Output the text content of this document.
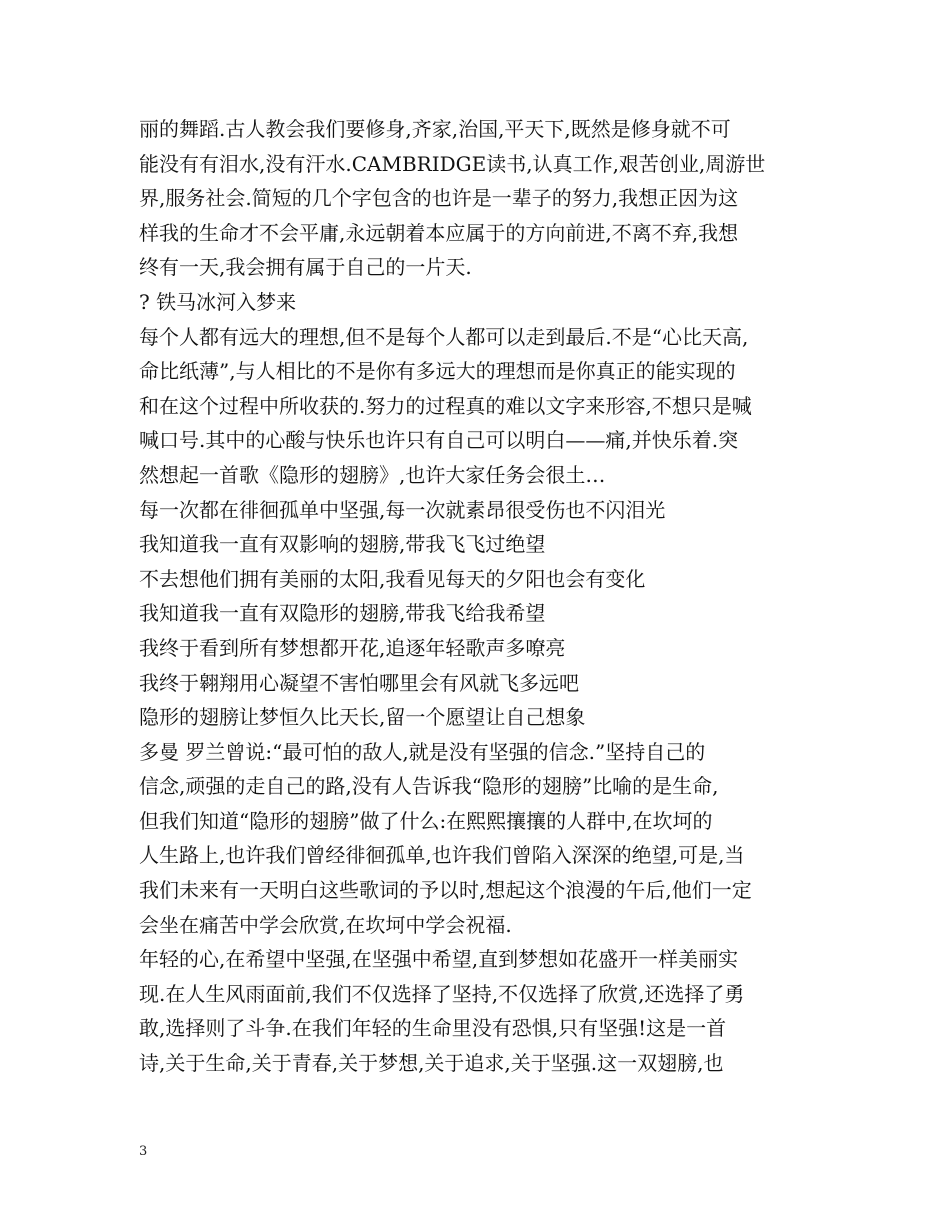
丽的舞蹈.古人教会我们要修身,齐家,治国,平天下,既然是修身就不可
能没有有泪水,没有汗水.CAMBRIDGE读书,认真工作,艰苦创业,周游世
界,服务社会.简短的几个字包含的也许是一辈子的努力,我想正因为这
样我的生命才不会平庸,永远朝着本应属于的方向前进,不离不弃,我想
终有一天,我会拥有属于自己的一片天.
? 铁马冰河入梦来
每个人都有远大的理想,但不是每个人都可以走到最后.不是“心比天高,
命比纸薄”,与人相比的不是你有多远大的理想而是你真正的能实现的
和在这个过程中所收获的.努力的过程真的难以文字来形容,不想只是喊
喊口号.其中的心酸与快乐也许只有自己可以明白——痛,并快乐着.突
然想起一首歌《隐形的翅膀》,也许大家任务会很土…
每一次都在徘徊孤单中坚强,每一次就素昂很受伤也不闪泪光
我知道我一直有双影响的翅膀,带我飞飞过绝望
不去想他们拥有美丽的太阳,我看见每天的夕阳也会有变化
我知道我一直有双隐形的翅膀,带我飞给我希望
我终于看到所有梦想都开花,追逐年轻歌声多嘹亮
我终于翱翔用心凝望不害怕哪里会有风就飞多远吧
隐形的翅膀让梦恒久比天长,留一个愿望让自己想象
多曼 罗兰曾说:“最可怕的敌人,就是没有坚强的信念.”坚持自己的
信念,顽强的走自己的路,没有人告诉我“隐形的翅膀”比喻的是生命,
但我们知道“隐形的翅膀”做了什么:在熙熙攘攘的人群中,在坎坷的
人生路上,也许我们曾经徘徊孤单,也许我们曾陷入深深的绝望,可是,当
我们未来有一天明白这些歌词的予以时,想起这个浪漫的午后,他们一定
会坐在痛苦中学会欣赏,在坎坷中学会祝福.
年轻的心,在希望中坚强,在坚强中希望,直到梦想如花盛开一样美丽实
现.在人生风雨面前,我们不仅选择了坚持,不仅选择了欣赏,还选择了勇
敢,选择则了斗争.在我们年轻的生命里没有恐惧,只有坚强!这是一首
诗,关于生命,关于青春,关于梦想,关于追求,关于坚强.这一双翅膀,也
3
